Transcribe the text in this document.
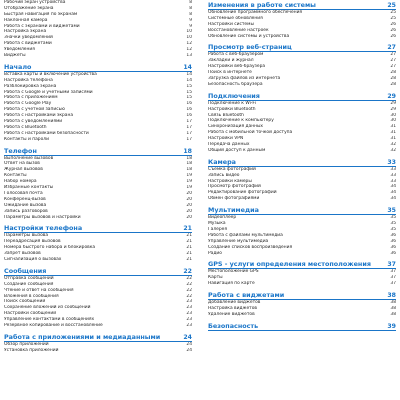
Рабочий экран устройства	8
Отображение экрана	8
Быстрая навигация по экранам	8
Наклонная камера	9
Работа с экранами и виджетами	9
Настройка экрана	10
Значки уведомлений	10
Работа с виджетами	12
Уведомления	12
Виджеты	13
Начало	14
Вставка карты и включение устройства	14
Настройка телефона	14
Разблокировка экрана	15
Работа с Google и учетными записями	15
Работа с приложением	15
Работа с Google Play	16
Работа с учетной записью	16
Работа с настройками экрана	16
Работа с уведомлениями	17
Работа с Bluetooth	17
Работа с настройками безопасности	17
Контакты и пароли	17
Телефон	18
Выполнение вызовов	18
Ответ на вызов	18
Журнал вызовов	18
Контакты	19
Набор номера	19
Избранные контакты	19
Голосовая почта	20
Конференц-вызов	20
Ожидание вызова	20
Запись разговоров	20
Параметры вызовов и настройки	20
Настройки телефона	21
Параметры вызова	21
Переадресация вызовов	21
Номера быстрого набора и блокировка	21
Запрет вызовов	21
Сигнализация о вызовах	21
Сообщения	22
Отправка сообщений	22
Создание сообщения	22
Чтение и ответ на сообщения	22
Вложения в сообщения	22
Поиск сообщений	23
Сохранение вложений из сообщений	23
Настройки сообщений	23
Управление контактами в сообщениях	23
Резервное копирование и восстановление	23
Работа с приложениями и медиаданными	24
Обзор приложений	24
Установка приложений	24
Изменения в работе системы	25
Обновление программного обеспечения	25
Системные обновления	25
Настройки системы	26
Восстановление настроек	26
Обновление системы и устройства	26
Просмотр веб-страниц	27
Работа с веб-браузером	27
Закладки и журнал	27
Настройки веб-браузера	27
Поиск в интернете	28
Загрузка файлов из интернета	28
Безопасность браузера	28
Подключения	29
Подключение к Wi-Fi	29
Настройки Bluetooth	29
Связь Bluetooth	30
Подключение к компьютеру	30
Синхронизация данных	31
Работа с мобильной точкой доступа	31
Настройки VPN	31
Передача данных	32
Общий доступ к данным	32
Камера	33
Съемка фотографий	33
Запись видео	33
Настройки камеры	33
Просмотр фотографий	34
Редактирование фотографий	34
Обмен фотографиями	34
Мультимедиа	35
Видеоплеер	35
Музыка	35
Галерея	35
Работа с файлами мультимедиа	36
Управление мультимедиа	36
Создание списков воспроизведения	36
Радио	36
GPS - услуги определения местоположения	37
Местоположение GPS	37
Карты	37
Навигация по карте	37
Работа с виджетами	38
Добавление виджетов	38
Настройка виджетов	38
Удаление виджетов	38
Безопасность	39
